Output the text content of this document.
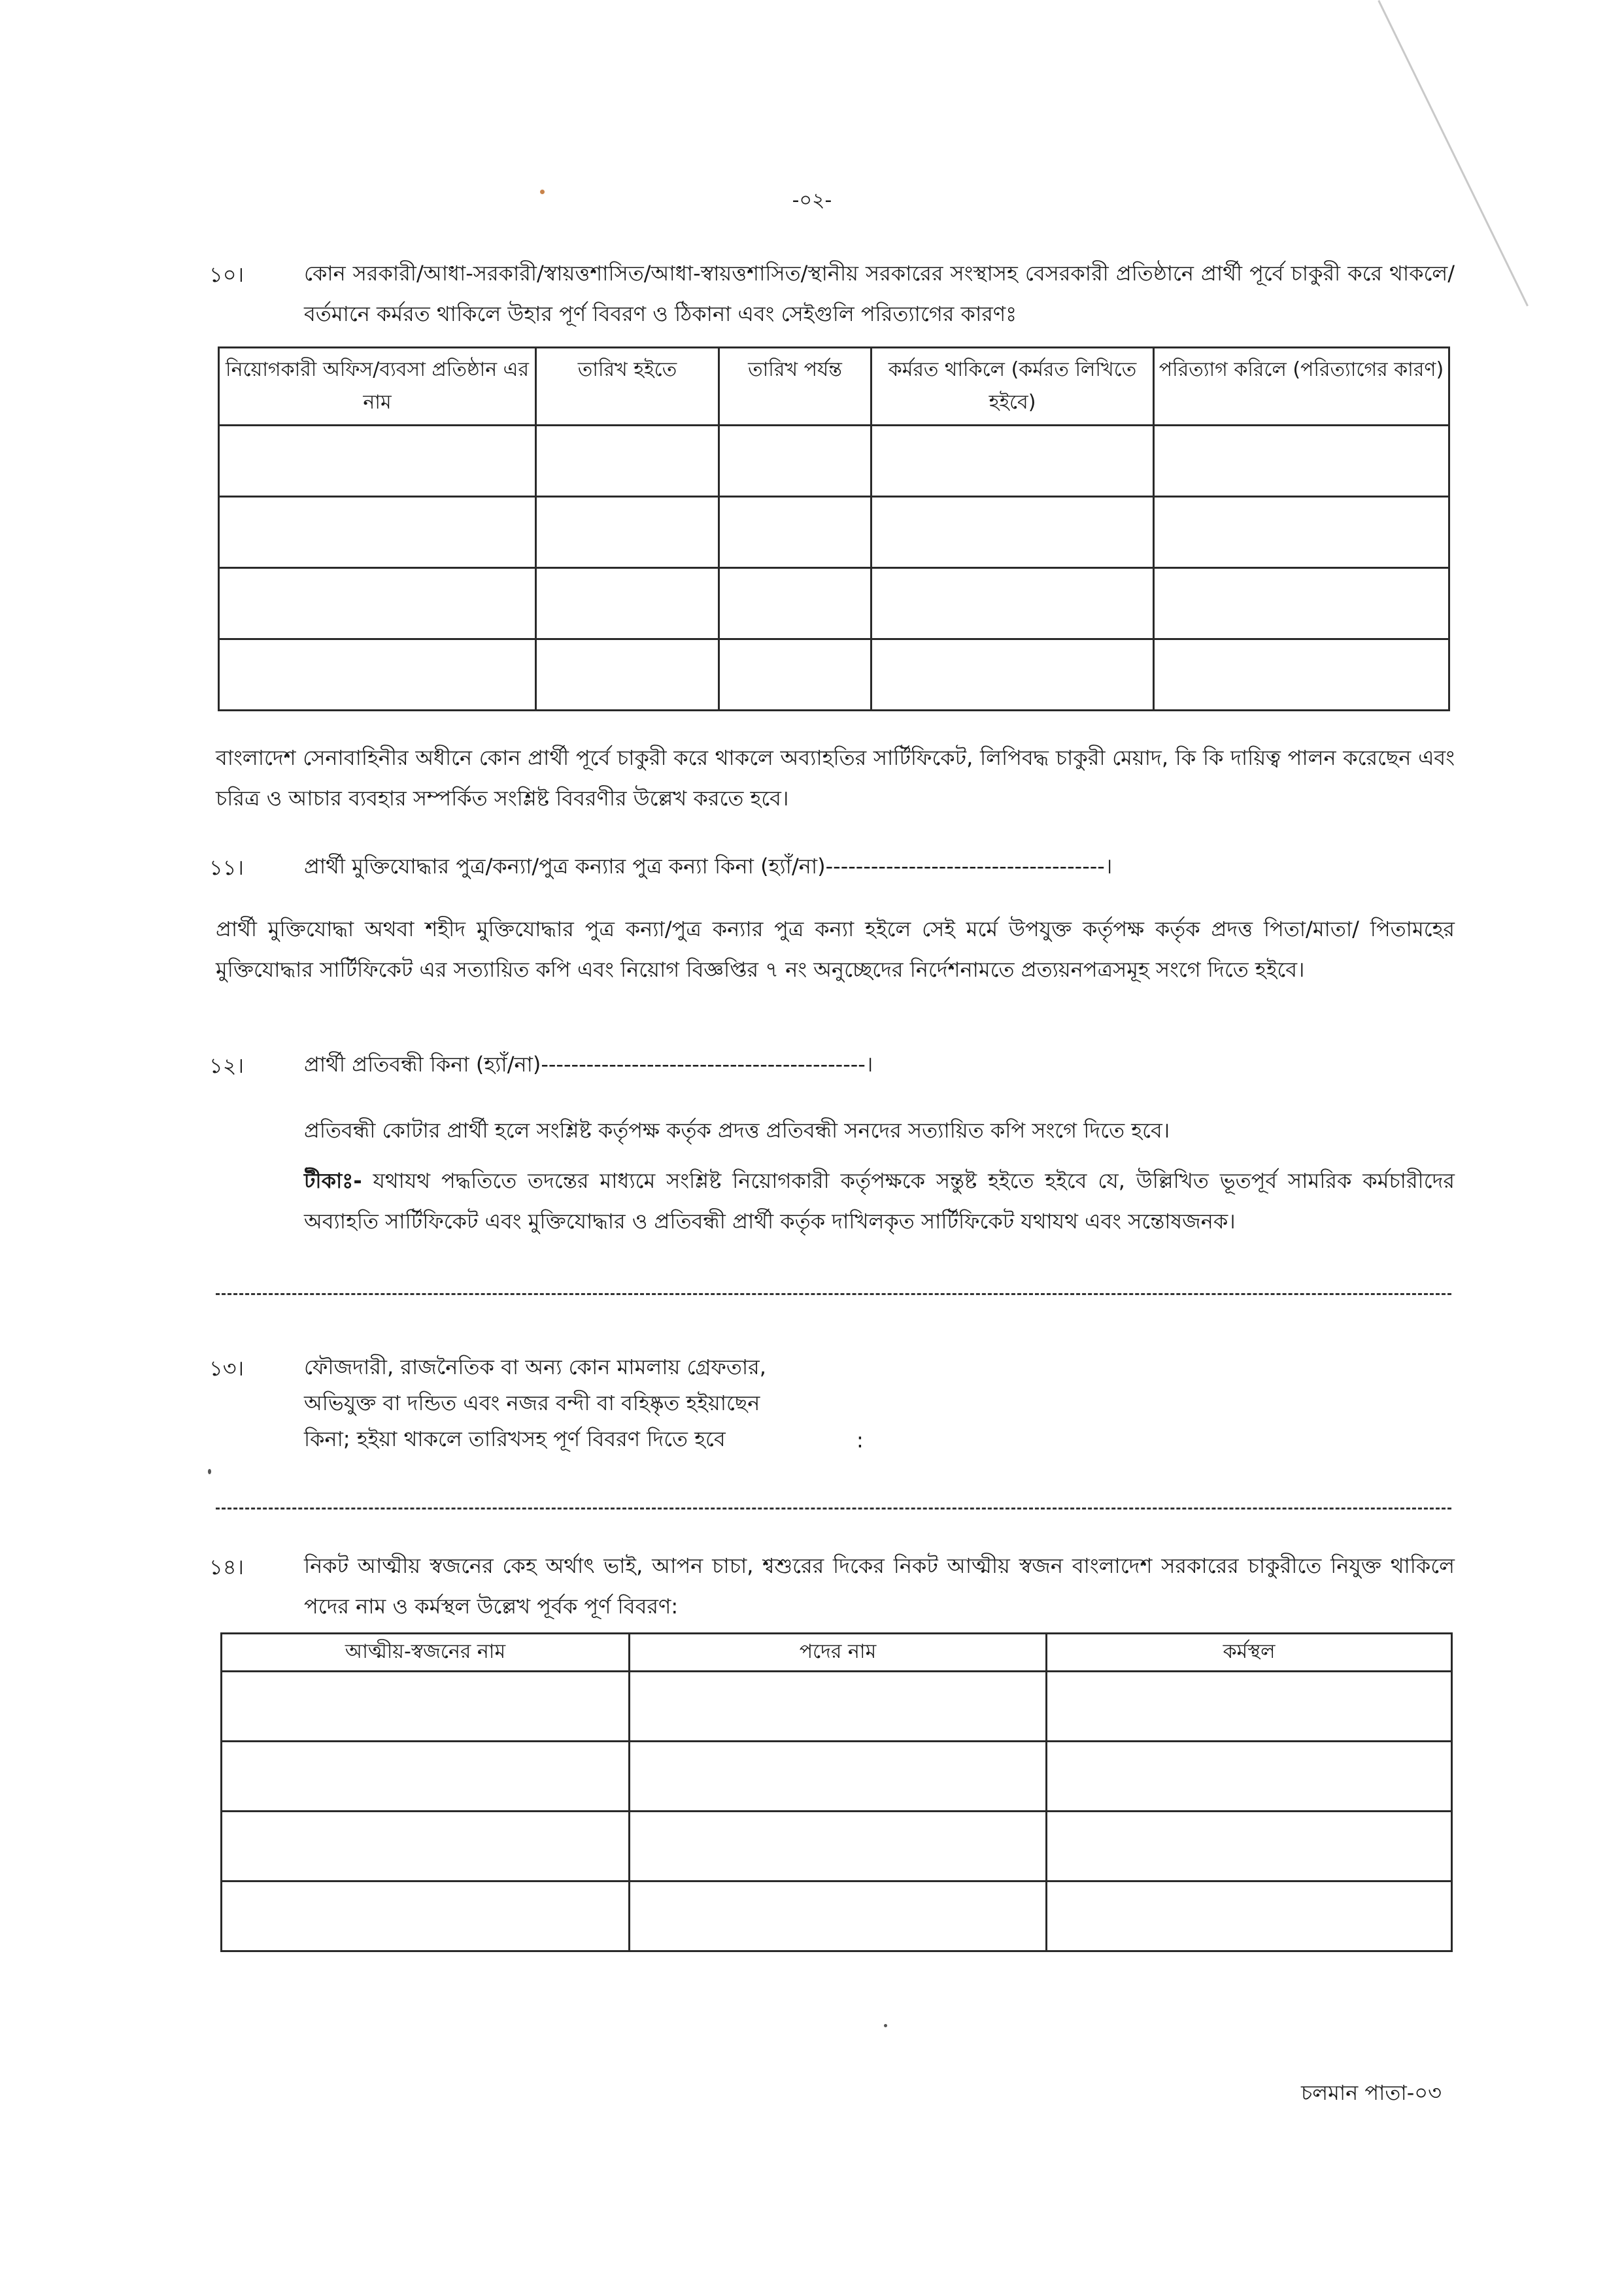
-০২-
১০।	কোন সরকারী/আধা-সরকারী/স্বায়ত্তশাসিত/আধা-স্বায়ত্তশাসিত/স্থানীয় সরকারের সংস্থাসহ বেসরকারী প্রতিষ্ঠানে প্রার্থী পূর্বে চাকুরী করে থাকলে/বর্তমানে কর্মরত থাকিলে উহার পূর্ণ বিবরণ ও ঠিকানা এবং সেইগুলি পরিত্যাগের কারণঃ
নিয়োগকারী অফিস/ব্যবসা প্রতিষ্ঠান এর নাম	তারিখ হইতে	তারিখ পর্যন্ত	কর্মরত থাকিলে (কর্মরত লিখিতে হইবে)	পরিত্যাগ করিলে (পরিত্যাগের কারণ)

বাংলাদেশ সেনাবাহিনীর অধীনে কোন প্রার্থী পূর্বে চাকুরী করে থাকলে অব্যাহতির সার্টিফিকেট, লিপিবদ্ধ চাকুরী মেয়াদ, কি কি দায়িত্ব পালন করেছেন এবং চরিত্র ও আচার ব্যবহার সম্পর্কিত সংশ্লিষ্ট বিবরণীর উল্লেখ করতে হবে।
১১।	প্রার্থী মুক্তিযোদ্ধার পুত্র/কন্যা/পুত্র কন্যার পুত্র কন্যা কিনা (হ্যাঁ/না)-------------------------------------।
প্রার্থী মুক্তিযোদ্ধা অথবা শহীদ মুক্তিযোদ্ধার পুত্র কন্যা/পুত্র কন্যার পুত্র কন্যা হইলে সেই মর্মে উপযুক্ত কর্তৃপক্ষ কর্তৃক প্রদত্ত পিতা/মাতা/ পিতামহের মুক্তিযোদ্ধার সার্টিফিকেট এর সত্যায়িত কপি এবং নিয়োগ বিজ্ঞপ্তির ৭ নং অনুচ্ছেদের নির্দেশনামতে প্রত্যয়নপত্রসমূহ সংগে দিতে হইবে।
১২।	প্রার্থী প্রতিবন্ধী কিনা (হ্যাঁ/না)-------------------------------------------।
প্রতিবন্ধী কোটার প্রার্থী হলে সংশ্লিষ্ট কর্তৃপক্ষ কর্তৃক প্রদত্ত প্রতিবন্ধী সনদের সত্যায়িত কপি সংগে দিতে হবে।
টীকাঃ- যথাযথ পদ্ধতিতে তদন্তের মাধ্যমে সংশ্লিষ্ট নিয়োগকারী কর্তৃপক্ষকে সন্তুষ্ট হইতে হইবে যে, উল্লিখিত ভূতপূর্ব সামরিক কর্মচারীদের অব্যাহতি সার্টিফিকেট এবং মুক্তিযোদ্ধার ও প্রতিবন্ধী প্রার্থী কর্তৃক দাখিলকৃত সার্টিফিকেট যথাযথ এবং সন্তোষজনক।
১৩।	ফৌজদারী, রাজনৈতিক বা অন্য কোন মামলায় গ্রেফতার,
অভিযুক্ত বা দন্ডিত এবং নজর বন্দী বা বহিষ্কৃত হইয়াছেন
কিনা; হইয়া থাকলে তারিখসহ পূর্ণ বিবরণ দিতে হবে	:
১৪।	নিকট আত্মীয় স্বজনের কেহ অর্থাৎ ভাই, আপন চাচা, শ্বশুরের দিকের নিকট আত্মীয় স্বজন বাংলাদেশ সরকারের চাকুরীতে নিযুক্ত থাকিলে পদের নাম ও কর্মস্থল উল্লেখ পূর্বক পূর্ণ বিবরণ:
আত্মীয়-স্বজনের নাম	পদের নাম	কর্মস্থল

চলমান পাতা-০৩
